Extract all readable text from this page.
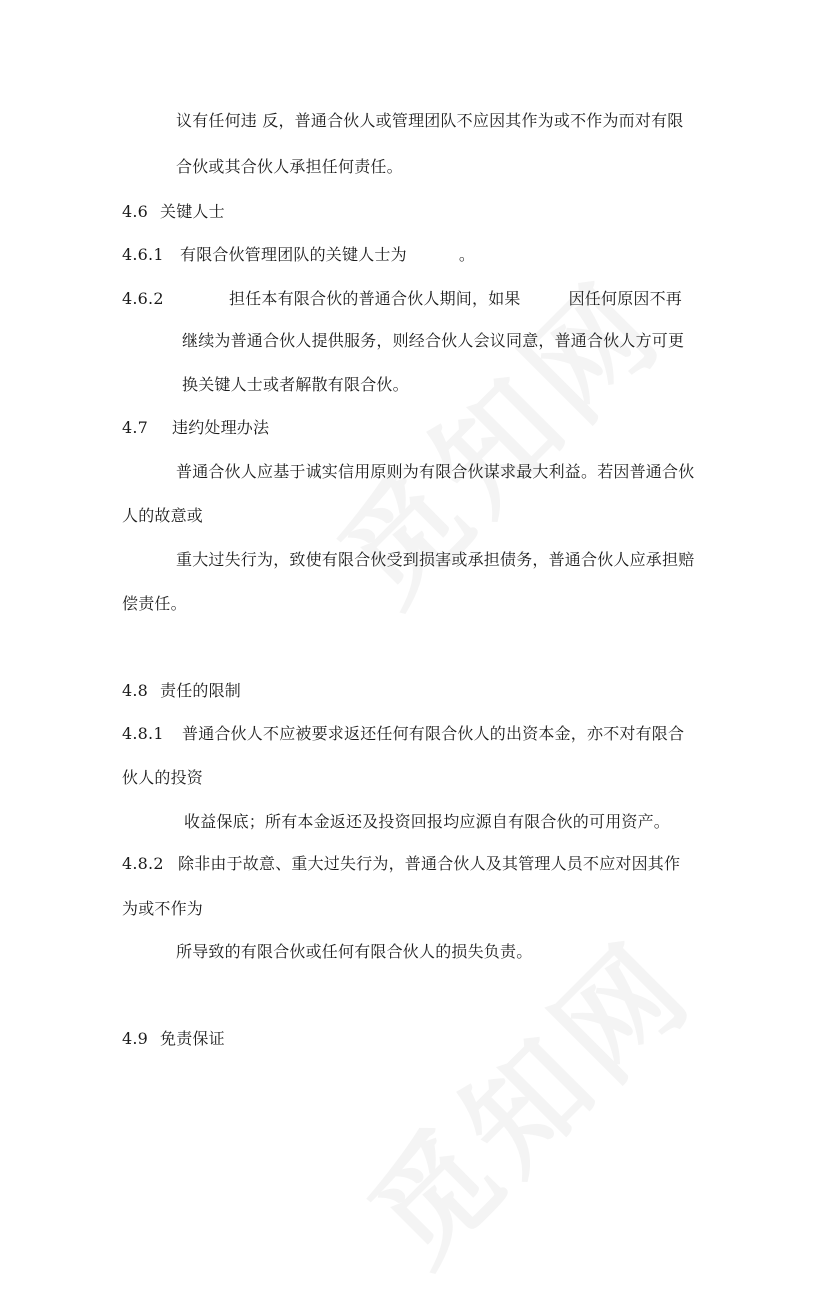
议有任何违 反，普通合伙人或管理团队不应因其作为或不作为而对有限
合伙或其合伙人承担任何责任。
4.6 关键人士
4.6.1 有限合伙管理团队的关键人士为	。
4.6.2	担任本有限合伙的普通合伙人期间，如果	因任何原因不再
继续为普通合伙人提供服务，则经合伙人会议同意，普通合伙人方可更
换关键人士或者解散有限合伙。
4.7 违约处理办法
普通合伙人应基于诚实信用原则为有限合伙谋求最大利益。若因普通合伙
人的故意或
重大过失行为，致使有限合伙受到损害或承担债务，普通合伙人应承担赔
偿责任。
4.8 责任的限制
4.8.1 普通合伙人不应被要求返还任何有限合伙人的出资本金，亦不对有限合
伙人的投资
收益保底；所有本金返还及投资回报均应源自有限合伙的可用资产。
4.8.2 除非由于故意、重大过失行为，普通合伙人及其管理人员不应对因其作
为或不作为
所导致的有限合伙或任何有限合伙人的损失负责。
4.9 免责保证
